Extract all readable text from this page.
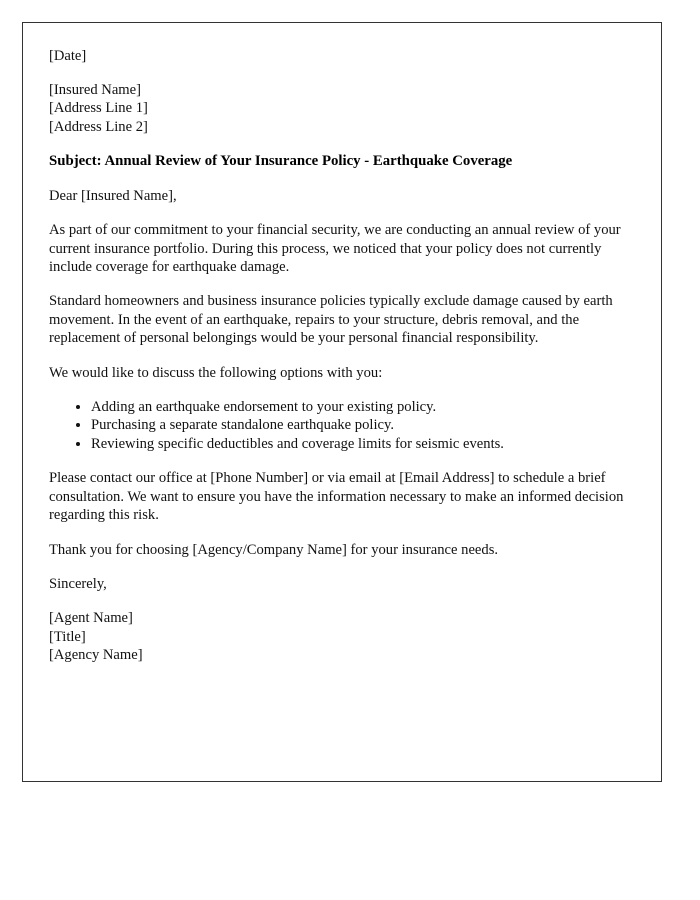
[Date]
[Insured Name]
[Address Line 1]
[Address Line 2]
Subject: Annual Review of Your Insurance Policy - Earthquake Coverage
Dear [Insured Name],
As part of our commitment to your financial security, we are conducting an annual review of your current insurance portfolio. During this process, we noticed that your policy does not currently include coverage for earthquake damage.
Standard homeowners and business insurance policies typically exclude damage caused by earth movement. In the event of an earthquake, repairs to your structure, debris removal, and the replacement of personal belongings would be your personal financial responsibility.
We would like to discuss the following options with you:
Adding an earthquake endorsement to your existing policy.
Purchasing a separate standalone earthquake policy.
Reviewing specific deductibles and coverage limits for seismic events.
Please contact our office at [Phone Number] or via email at [Email Address] to schedule a brief consultation. We want to ensure you have the information necessary to make an informed decision regarding this risk.
Thank you for choosing [Agency/Company Name] for your insurance needs.
Sincerely,
[Agent Name]
[Title]
[Agency Name]
